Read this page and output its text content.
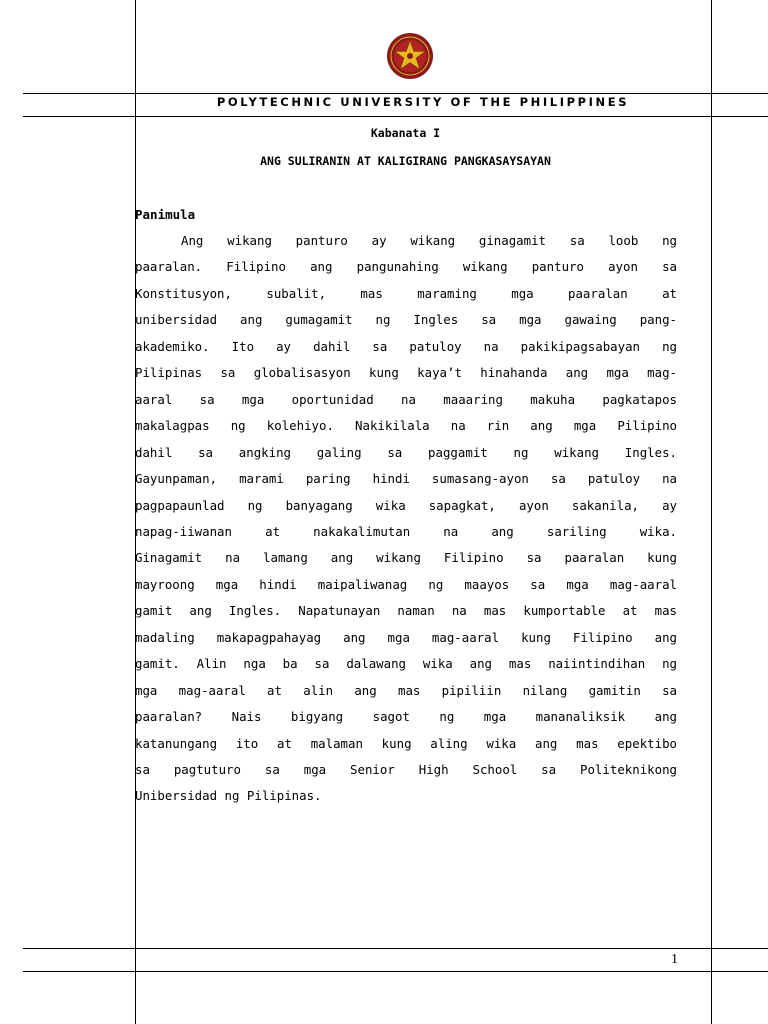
POLYTECHNIC UNIVERSITY OF THE PHILIPPINES
Kabanata I
ANG SULIRANIN AT KALIGIRANG PANGKASAYSAYAN
Panimula
Ang wikang panturo ay wikang ginagamit sa loob ng
paaralan. Filipino ang pangunahing wikang panturo ayon sa
Konstitusyon, subalit, mas maraming mga paaralan at
unibersidad ang gumagamit ng Ingles sa mga gawaing pang-
akademiko. Ito ay dahil sa patuloy na pakikipagsabayan ng
Pilipinas sa globalisasyon kung kaya’t hinahanda ang mga mag-
aaral sa mga oportunidad na maaaring makuha pagkatapos
makalagpas ng kolehiyo. Nakikilala na rin ang mga Pilipino
dahil sa angking galing sa paggamit ng wikang Ingles.
Gayunpaman, marami paring hindi sumasang-ayon sa patuloy na
pagpapaunlad ng banyagang wika sapagkat, ayon sakanila, ay
napag-iiwanan at nakakalimutan na ang sariling wika.
Ginagamit na lamang ang wikang Filipino sa paaralan kung
mayroong mga hindi maipaliwanag ng maayos sa mga mag-aaral
gamit ang Ingles. Napatunayan naman na mas kumportable at mas
madaling makapagpahayag ang mga mag-aaral kung Filipino ang
gamit. Alin nga ba sa dalawang wika ang mas naiintindihan ng
mga mag-aaral at alin ang mas pipiliin nilang gamitin sa
paaralan? Nais bigyang sagot ng mga mananaliksik ang
katanungang ito at malaman kung aling wika ang mas epektibo
sa pagtuturo sa mga Senior High School sa Politeknikong
Unibersidad ng Pilipinas.
1
